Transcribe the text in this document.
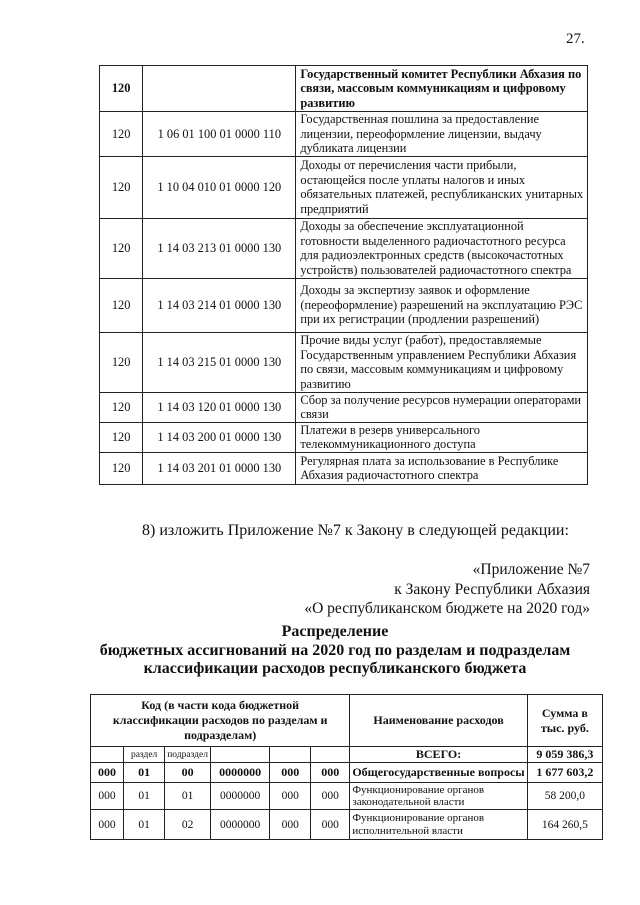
27.
120		Государственный комитет Республики Абхазия по связи, массовым коммуникациям и цифровому развитию
120	1 06 01 100 01 0000 110	Государственная пошлина за предоставление лицензии, переоформление лицензии, выдачу дубликата лицензии
120	1 10 04 010 01 0000 120	Доходы от перечисления части прибыли, остающейся после уплаты налогов и иных обязательных платежей, республиканских унитарных предприятий
120	1 14 03 213 01 0000 130	Доходы за обеспечение эксплуатационной готовности выделенного радиочастотного ресурса для радиоэлектронных средств (высокочастотных устройств) пользователей радиочастотного спектра
120	1 14 03 214 01 0000 130	Доходы за экспертизу заявок и оформление (переоформление) разрешений на эксплуатацию РЭС при их регистрации (продлении разрешений)
120	1 14 03 215 01 0000 130	Прочие виды услуг (работ), предоставляемые Государственным управлением Республики Абхазия по связи, массовым коммуникациям и цифровому развитию
120	1 14 03 120 01 0000 130	Сбор за получение ресурсов нумерации операторами связи
120	1 14 03 200 01 0000 130	Платежи в резерв универсального телекоммуникационного доступа
120	1 14 03 201 01 0000 130	Регулярная плата за использование в Республике Абхазия радиочастотного спектра
8) изложить Приложение №7 к Закону в следующей редакции:
«Приложение №7
к Закону Республики Абхазия
«О республиканском бюджете на 2020 год»
Распределение
бюджетных ассигнований на 2020 год по разделам и подразделам
классификации расходов республиканского бюджета
Код (в части кода бюджетной классификации расходов по разделам и подразделам)						Наименование расходов	Сумма в тыс. руб.
	раздел	подраздел				ВСЕГО:	9 059 386,3
000	01	00	0000000	000	000	Общегосударственные вопросы	1 677 603,2
000	01	01	0000000	000	000	Функционирование органов законодательной власти	58 200,0
000	01	02	0000000	000	000	Функционирование органов исполнительной власти	164 260,5
